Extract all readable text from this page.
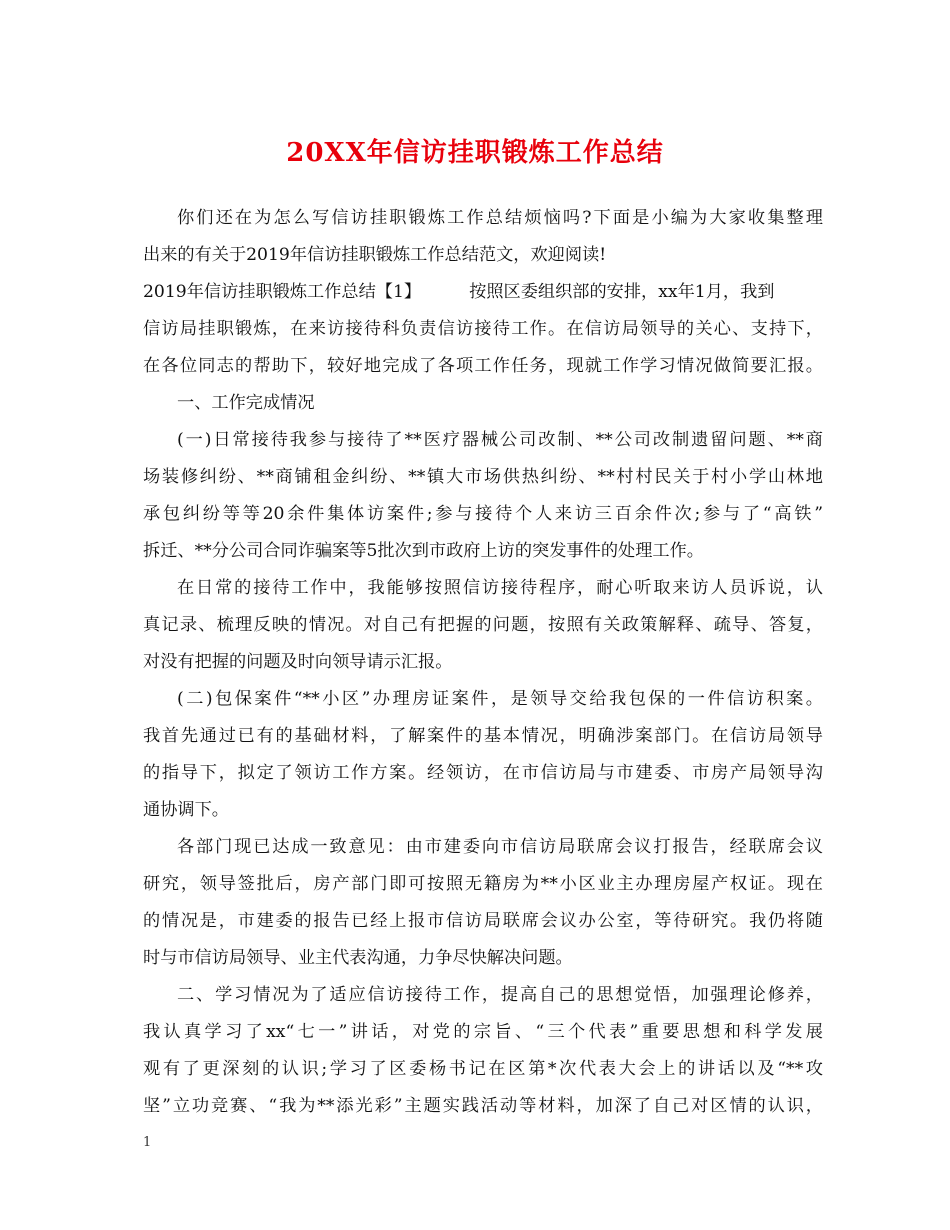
20XX年信访挂职锻炼工作总结
你们还在为怎么写信访挂职锻炼工作总结烦恼吗?下面是小编为大家收集整理
出来的有关于2019年信访挂职锻炼工作总结范文，欢迎阅读!
2019年信访挂职锻炼工作总结【1】	按照区委组织部的安排，xx年1月，我到
信访局挂职锻炼，在来访接待科负责信访接待工作。在信访局领导的关心、支持下，
在各位同志的帮助下，较好地完成了各项工作任务，现就工作学习情况做简要汇报。
一、工作完成情况
(一)日常接待我参与接待了**医疗器械公司改制、**公司改制遗留问题、**商
场装修纠纷、**商铺租金纠纷、**镇大市场供热纠纷、**村村民关于村小学山林地
承包纠纷等等20余件集体访案件;参与接待个人来访三百余件次;参与了“高铁”
拆迁、**分公司合同诈骗案等5批次到市政府上访的突发事件的处理工作。
在日常的接待工作中，我能够按照信访接待程序，耐心听取来访人员诉说，认
真记录、梳理反映的情况。对自己有把握的问题，按照有关政策解释、疏导、答复，
对没有把握的问题及时向领导请示汇报。
(二)包保案件“**小区”办理房证案件，是领导交给我包保的一件信访积案。
我首先通过已有的基础材料，了解案件的基本情况，明确涉案部门。在信访局领导
的指导下，拟定了领访工作方案。经领访，在市信访局与市建委、市房产局领导沟
通协调下。
各部门现已达成一致意见：由市建委向市信访局联席会议打报告，经联席会议
研究，领导签批后，房产部门即可按照无籍房为**小区业主办理房屋产权证。现在
的情况是，市建委的报告已经上报市信访局联席会议办公室，等待研究。我仍将随
时与市信访局领导、业主代表沟通，力争尽快解决问题。
二、学习情况为了适应信访接待工作，提高自己的思想觉悟，加强理论修养，
我认真学习了xx“七一”讲话，对党的宗旨、“三个代表”重要思想和科学发展
观有了更深刻的认识;学习了区委杨书记在区第*次代表大会上的讲话以及“**攻
坚”立功竞赛、“我为**添光彩”主题实践活动等材料，加深了自己对区情的认识，
1
